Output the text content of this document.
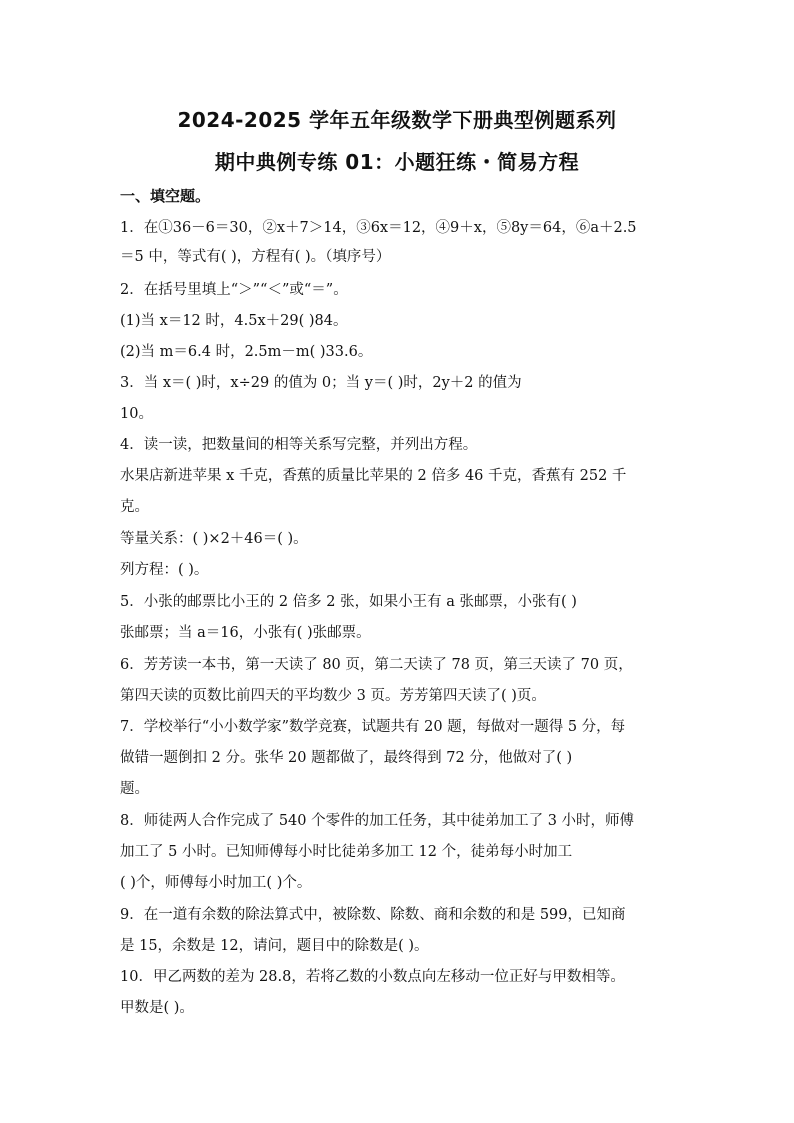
2024-2025 学年五年级数学下册典型例题系列
期中典例专练 01：小题狂练・简易方程
一、填空题。
1．在①36－6＝30，②x＋7＞14，③6x＝12，④9＋x，⑤8y＝64，⑥a＋2.5
＝5 中，等式有( )，方程有( )。（填序号）
2．在括号里填上“＞”“＜”或“＝”。
(1)当 x＝12 时，4.5x＋29( )84。
(2)当 m＝6.4 时，2.5m－m( )33.6。
3．当 x＝( )时，x÷29 的值为 0；当 y＝( )时，2y＋2 的值为
10。
4．读一读，把数量间的相等关系写完整，并列出方程。
水果店新进苹果 x 千克，香蕉的质量比苹果的 2 倍多 46 千克，香蕉有 252 千
克。
等量关系：( )×2＋46＝( )。
列方程：( )。
5．小张的邮票比小王的 2 倍多 2 张，如果小王有 a 张邮票，小张有( )
张邮票；当 a＝16，小张有( )张邮票。
6．芳芳读一本书，第一天读了 80 页，第二天读了 78 页，第三天读了 70 页，
第四天读的页数比前四天的平均数少 3 页。芳芳第四天读了( )页。
7．学校举行“小小数学家”数学竞赛，试题共有 20 题，每做对一题得 5 分，每
做错一题倒扣 2 分。张华 20 题都做了，最终得到 72 分，他做对了( )
题。
8．师徒两人合作完成了 540 个零件的加工任务，其中徒弟加工了 3 小时，师傅
加工了 5 小时。已知师傅每小时比徒弟多加工 12 个，徒弟每小时加工
( )个，师傅每小时加工( )个。
9．在一道有余数的除法算式中，被除数、除数、商和余数的和是 599，已知商
是 15，余数是 12，请问，题目中的除数是( )。
10．甲乙两数的差为 28.8，若将乙数的小数点向左移动一位正好与甲数相等。
甲数是( )。
